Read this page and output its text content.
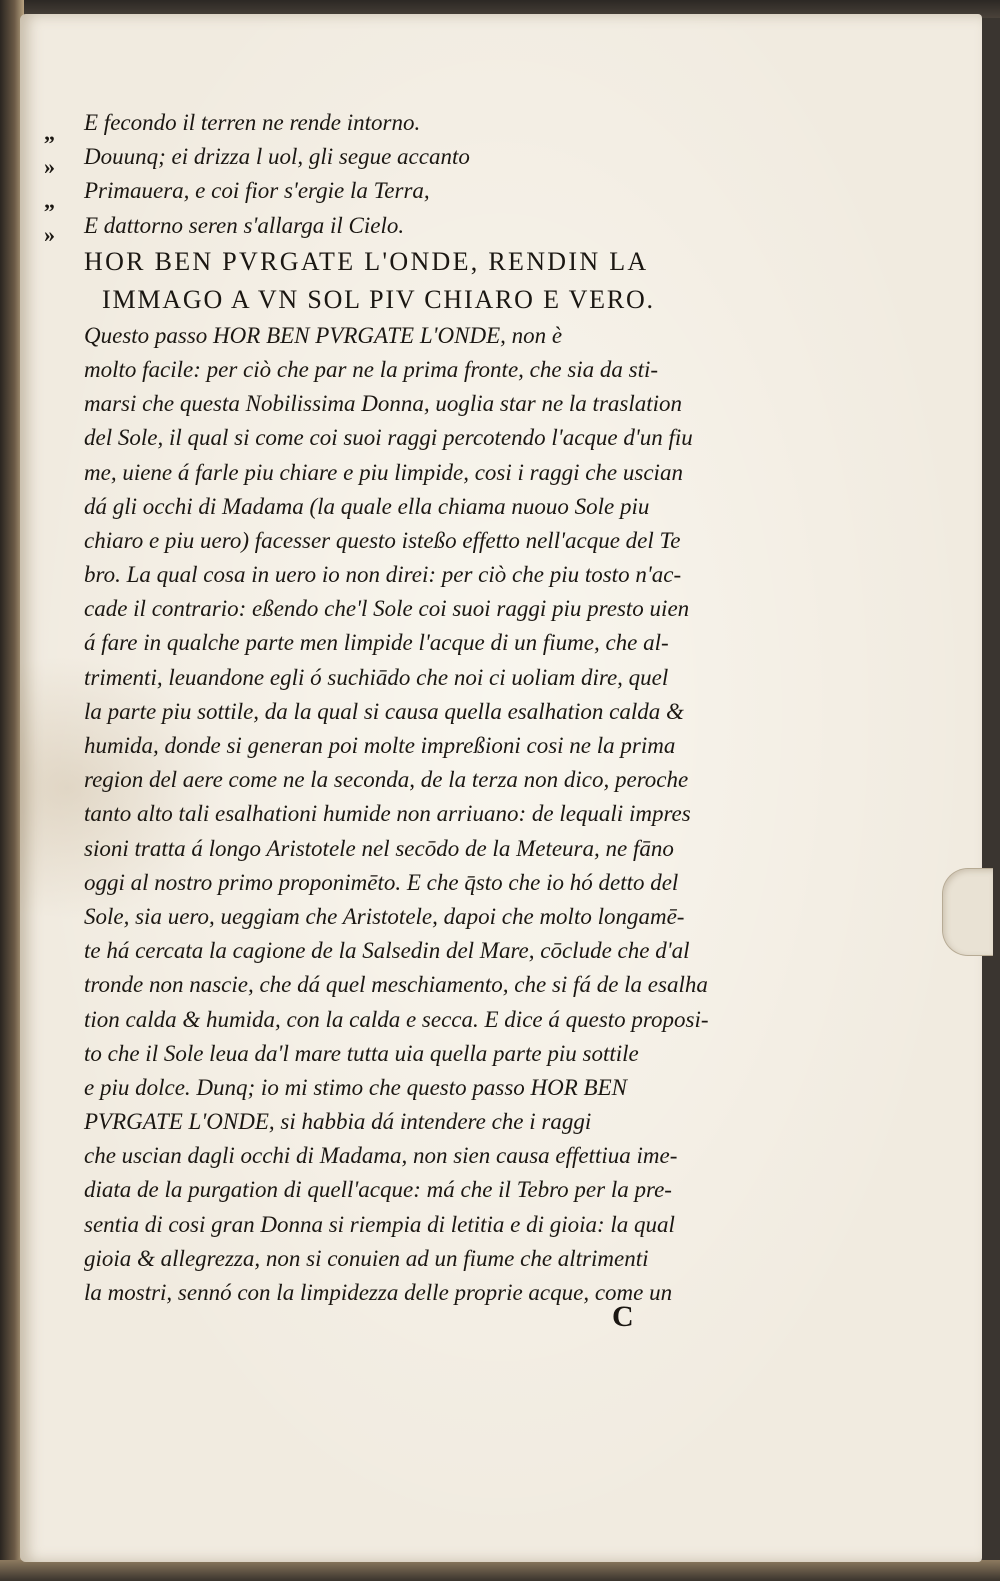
„
»
„
»
E fecondo il terren ne rende intorno.
Douunq; ei drizza l uol, gli segue accanto
Primauera, e coi fior s'ergie la Terra,
E dattorno seren s'allarga il Cielo.
HOR BEN PVRGATE L'ONDE, RENDIN LA
IMMAGO A VN SOL PIV CHIARO E VERO.
Questo passo HOR BEN PVRGATE L'ONDE, non è
molto facile: per ciò che par ne la prima fronte, che sia da sti-
marsi che questa Nobilissima Donna, uoglia star ne la traslation
del Sole, il qual si come coi suoi raggi percotendo l'acque d'un fiu
me, uiene á farle piu chiare e piu limpide, cosi i raggi che uscian
dá gli occhi di Madama (la quale ella chiama nuouo Sole piu
chiaro e piu uero) facesser questo isteßo effetto nell'acque del Te
bro. La qual cosa in uero io non direi: per ciò che piu tosto n'ac-
cade il contrario: eßendo che'l Sole coi suoi raggi piu presto uien
á fare in qualche parte men limpide l'acque di un fiume, che al-
trimenti, leuandone egli ó suchiādo che noi ci uoliam dire, quel
la parte piu sottile, da la qual si causa quella esalhation calda &
humida, donde si generan poi molte impreßioni cosi ne la prima
region del aere come ne la seconda, de la terza non dico, peroche
tanto alto tali esalhationi humide non arriuano: de lequali impres
sioni tratta á longo Aristotele nel secōdo de la Meteura, ne fāno
oggi al nostro primo proponimēto. E che q̄sto che io hó detto del
Sole, sia uero, ueggiam che Aristotele, dapoi che molto longamē-
te há cercata la cagione de la Salsedin del Mare, cōclude che d'al
tronde non nascie, che dá quel meschiamento, che si fá de la esalha
tion calda & humida, con la calda e secca. E dice á questo proposi-
to che il Sole leua da'l mare tutta uia quella parte piu sottile
e piu dolce. Dunq; io mi stimo che questo passo HOR BEN
PVRGATE L'ONDE, si habbia dá intendere che i raggi
che uscian dagli occhi di Madama, non sien causa effettiua ime-
diata de la purgation di quell'acque: má che il Tebro per la pre-
sentia di cosi gran Donna si riempia di letitia e di gioia: la qual
gioia & allegrezza, non si conuien ad un fiume che altrimenti
la mostri, sennó con la limpidezza delle proprie acque, come un
C
